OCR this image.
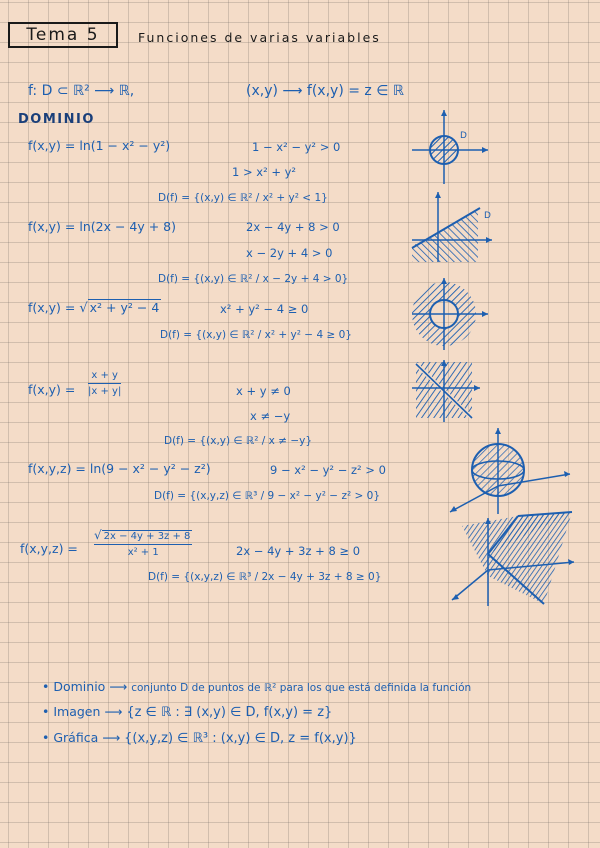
Tema 5	Funciones de varias variables
f: D ⊂ ℝ² ⟶ ℝ,	(x,y) ⟶ f(x,y) = z ∈ ℝ
DOMINIO
f(x,y) = ln(1 − x² − y²)	1 − x² − y² > 0
1 > x² + y²
D(f) = {(x,y) ∈ ℝ² / x² + y² < 1}
f(x,y) = ln(2x − 4y + 8)	2x − 4y + 8 > 0
x − 2y + 4 > 0
D(f) = {(x,y) ∈ ℝ² / x − 2y + 4 > 0}
f(x,y) = √ x² + y² − 4	x² + y² − 4 ≥ 0
D(f) = {(x,y) ∈ ℝ² / x² + y² − 4 ≥ 0}
f(x,y) =
x + y
|x + y|	x + y ≠ 0
x ≠ −y
D(f) = {(x,y) ∈ ℝ² / x ≠ −y}
f(x,y,z) = ln(9 − x² − y² − z²)	9 − x² − y² − z² > 0
D(f) = {(x,y,z) ∈ ℝ³ / 9 − x² − y² − z² > 0}
f(x,y,z) =
√ 2x − 4y + 3z + 8
x² + 1	2x − 4y + 3z + 8 ≥ 0
D(f) = {(x,y,z) ∈ ℝ³ / 2x − 4y + 3z + 8 ≥ 0}
D
D
• Dominio ⟶ conjunto D de puntos de ℝ² para los que está definida la función
• Imagen ⟶ {z ∈ ℝ : ∃ (x,y) ∈ D, f(x,y) = z}
• Gráfica ⟶ {(x,y,z) ∈ ℝ³ : (x,y) ∈ D, z = f(x,y)}
